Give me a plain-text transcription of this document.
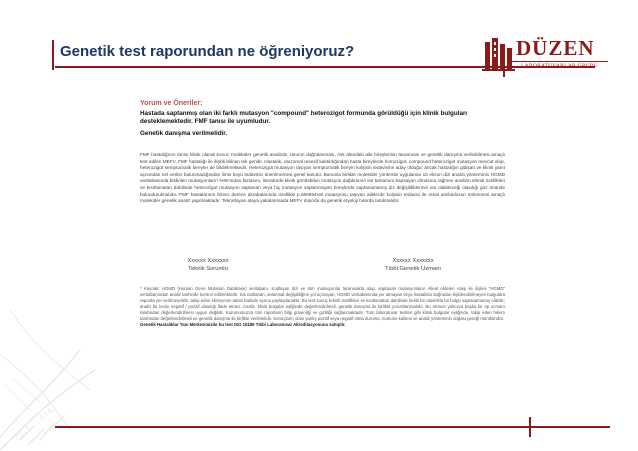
Genetik test raporundan ne öğreniyoruz?	DÜZEN
LABORATUVARLAR GRUBU
ATA
CGT

Yorum ve Öneriler:

Hastada saptanmış olan iki farklı mutasyon "compound" heterozigot formunda görüldüğü için klinik bulguları desteklemektedir. FMF tanısı ile uyumludur.

Genetik danışma verilmelidir.

FMF hastalığının tanısı klinik olarak konur; moleküler genetik analizde, tanının doğrulanması, risk altındaki aile bireylerinin taranması ve genetik danışma verilebilmesi amaçlı test edilen MEFV, FMF hastalığı ile ilişkili bilinen tek gendir. Hastalık, otozomal resesif kalıtıldığından hasta bireylerde homozigot, compound heterozigot mutasyon mevcut olup, heterozigot semptomatik bireyler de bildirilmektedir. Heterozigot mutasyon taşıyan semptomatik bireyin kolşisin tedavisine aday olduğu; ancak hastalığın gidişatı ve klinik yanıt açısından net veriler bulunmadığından ilmin boyu tedavinin önerilmemesi genel kanıdır. Bununla birlikte moleküler yöntemle uygulanan 10 ekzon dizi analizi yönteminin HGMD veritabanında bildirilen mutasyonların %90'ından fazlasını, literatürde klinik görülebilen mutasyon dağılımının ise tamamını kapsayan olmasına rağmen analizin teknik özellikleri ve kısıtlamaları dahilinde heterozigot mutasyon saptanan veya hiç mutasyon saptanmayan bireylerde saptanamamış diz değişikliklerinin var olabileceği olasılığı göz önünde bulundurulmalıdır. FMF hastalarının birinci derece akrabalarında özellikle p.Met694Val mutasyonu taşıyan ailelerde kolşisin tedavisi ile renal amiloidozun önlenmesi amaçlı moleküler genetik analiz yapılmaktadır. Tekrarlayan ataya yakalanmada MEFV dışında da genetik etyoloji hatırda tutulmalıdır.

Xxxxxx Xxxxxxx
Teknik Sorumlu
Xxxxxx Xxxxxxx
Tıbbi Genetik Uzmanı

* Kaynak: HGMD (Human Gene Mutation Database) veritabanı. Kodlayan dizi ve tüm mutasyonlar taranmakta olup, saptanan mutasyonların Alleal Aldeleri Ataşi ile ilişkisi "HGMD" veritabanından analiz tarihinde kontrol edilmektedir. Sık rastlanan, anlamsal değişikliğine yol açmayan, HGMD veritabanında yer almayan veya hastalıkla doğrudan ilişkilendirilmeyen bulgulara raporda yer verilmeyebilir, takip eden klinisyenin talebi halinde ayrıca paylaşılacaktır. Bu test sonuç teknik özellikleri ve kısıtlamaları dahilinde belirli bir olasılıkla bir bulgu saptanamamış olabilir; analiz bir kesin negatif / pozitif olasılığı ifade etmez. Analiz, klinik bulgular eşliğinde değerlendirilmeli, genetik danışma ile birlikte yorumlanmalıdır. Bu ürünün yalnızca başka bir tıp uzmanı tarafından değerlendirilmesi uygun değildir. Kurumumuzca tüm raporların bilgi güvenliği ve gizliliği sağlanmaktadır. Tüm laboratuvar testleri gibi klinik bulgular eşliğinde, takip eden hekim tarafından değerlendirilmeli ve genetik danışma ile birlikte verilmelidir. Sonuçların olası yanlış pozitif veya negatif olma durumu, numune kalitesi ve analiz yönteminin doğası gereği mümkündür.

Genetik Hastalıklar Tanı Merkezimizde bu test ISO 15189 Tıbbi Laboratuvar Akreditasyonuna sahiptir.
